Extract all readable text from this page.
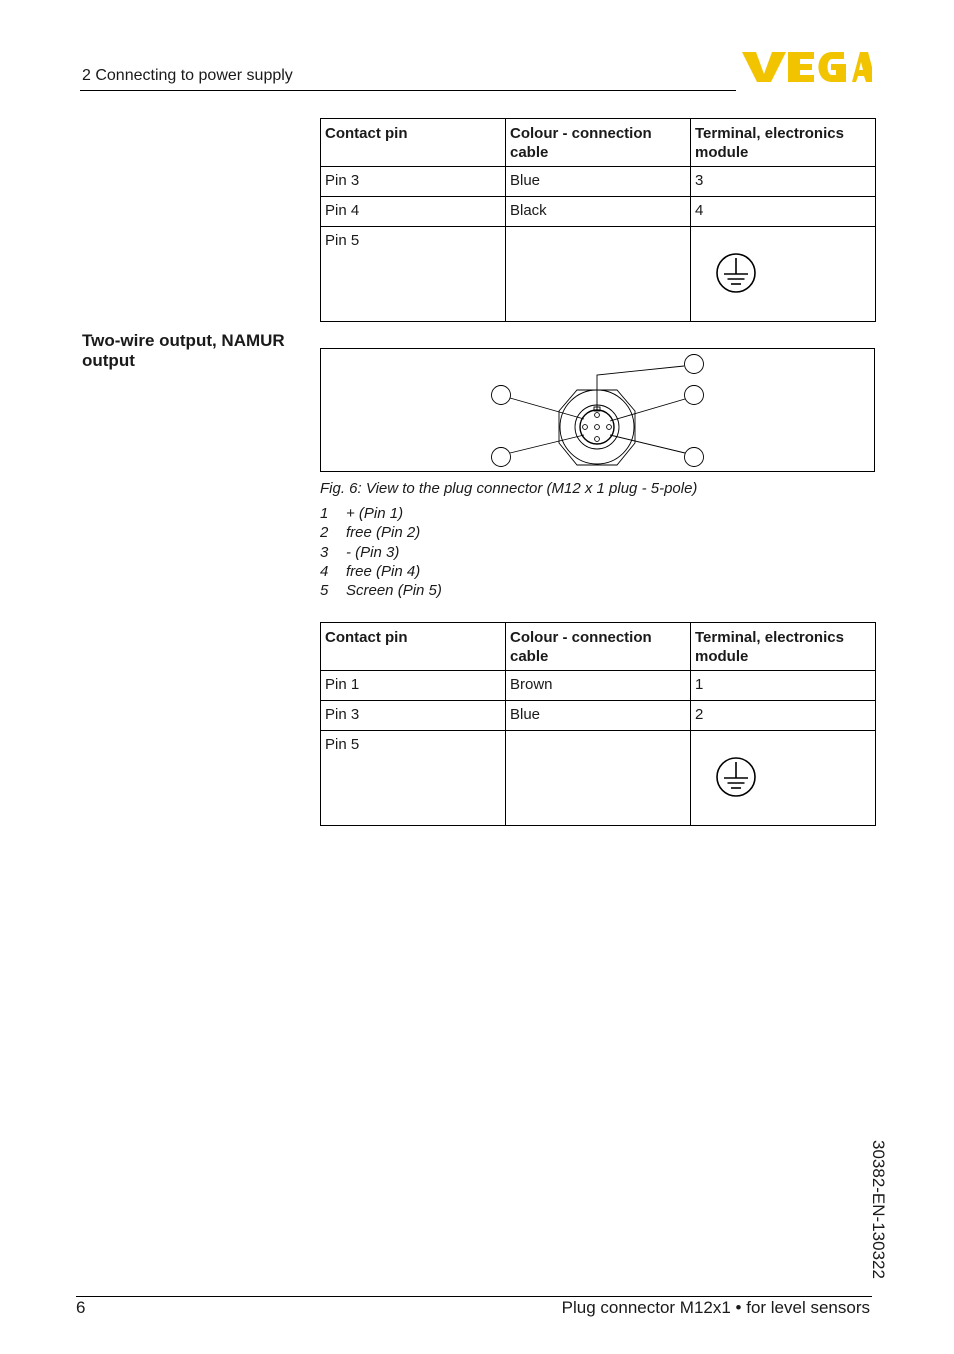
2 Connecting to power supply
Contact pin	Colour - connection cable	Terminal, electronics module
Pin 3	Blue	3
Pin 4	Black	4
Pin 5		
Two-wire output, NAMUR output
Fig. 6: View to the plug connector (M12 x 1 plug - 5-pole)
1 + (Pin 1)
2 free (Pin 2)
3 - (Pin 3)
4 free (Pin 4)
5 Screen (Pin 5)
Contact pin	Colour - connection cable	Terminal, electronics module
Pin 1	Brown	1
Pin 3	Blue	2
Pin 5		
30382-EN-130322
6	Plug connector M12x1 • for level sensors
